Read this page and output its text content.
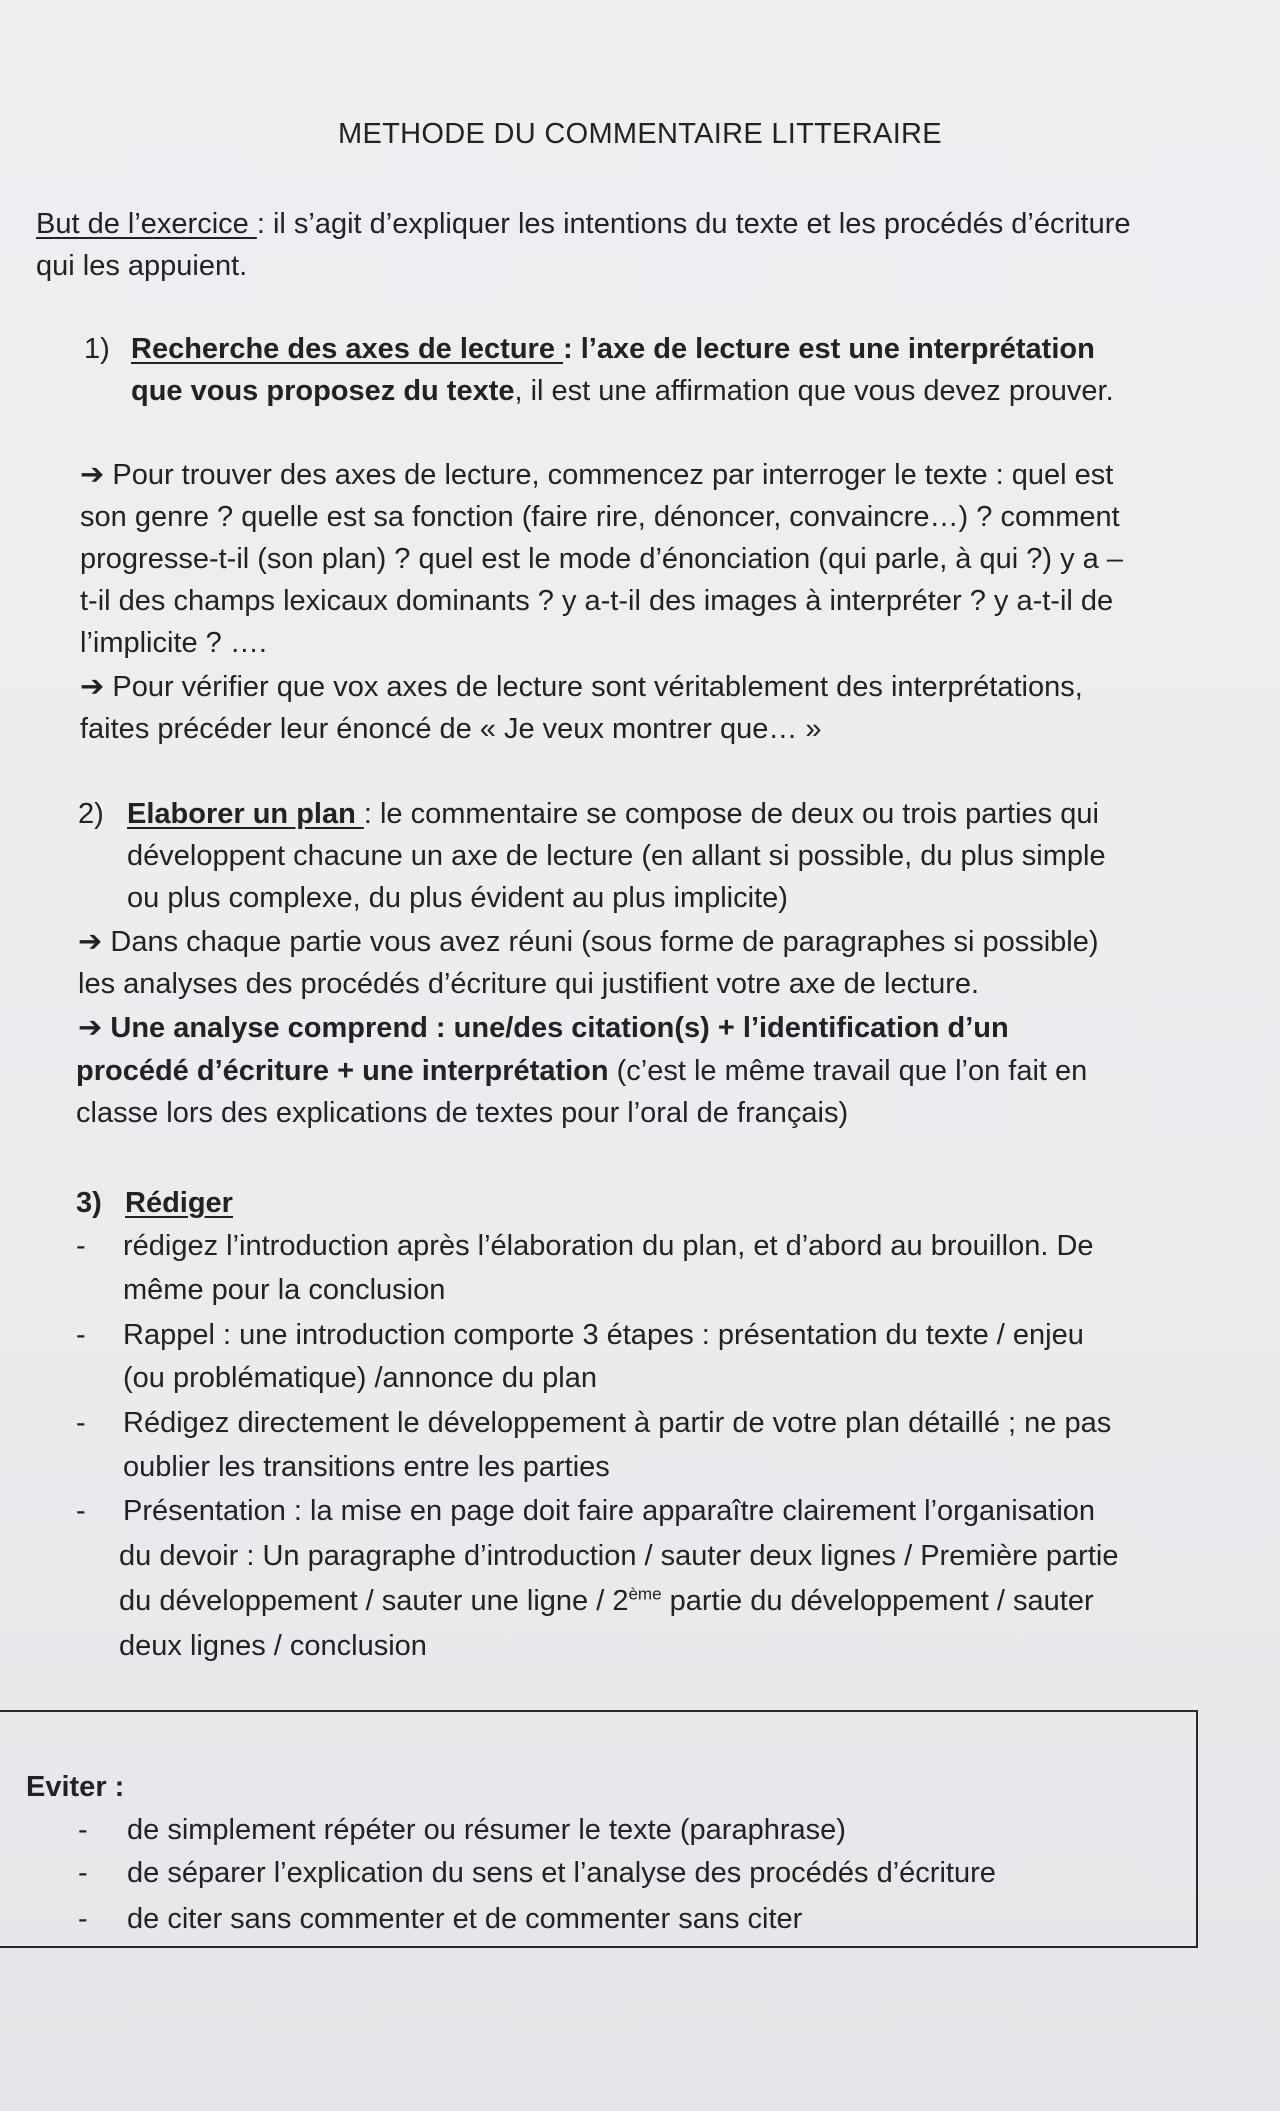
METHODE DU COMMENTAIRE LITTERAIRE
But de l’exercice : il s’agit d’expliquer les intentions du texte et les procédés d’écriture
qui les appuient.
1) Recherche des axes de lecture : l’axe de lecture est une interprétation
que vous proposez du texte, il est une affirmation que vous devez prouver.
➔ Pour trouver des axes de lecture, commencez par interroger le texte : quel est
son genre ? quelle est sa fonction (faire rire, dénoncer, convaincre…) ? comment
progresse-t-il (son plan) ? quel est le mode d’énonciation (qui parle, à qui ?) y a –
t-il des champs lexicaux dominants ? y a-t-il des images à interpréter ? y a-t-il de
l’implicite ? ….
➔ Pour vérifier que vox axes de lecture sont véritablement des interprétations,
faites précéder leur énoncé de « Je veux montrer que… »
2) Elaborer un plan : le commentaire se compose de deux ou trois parties qui
développent chacune un axe de lecture (en allant si possible, du plus simple
ou plus complexe, du plus évident au plus implicite)
➔ Dans chaque partie vous avez réuni (sous forme de paragraphes si possible)
les analyses des procédés d’écriture qui justifient votre axe de lecture.
➔ Une analyse comprend : une/des citation(s) + l’identification d’un
procédé d’écriture + une interprétation (c’est le même travail que l’on fait en
classe lors des explications de textes pour l’oral de français)
3) Rédiger
- rédigez l’introduction après l’élaboration du plan, et d’abord au brouillon. De
même pour la conclusion
- Rappel : une introduction comporte 3 étapes : présentation du texte / enjeu
(ou problématique) /annonce du plan
- Rédigez directement le développement à partir de votre plan détaillé ; ne pas
oublier les transitions entre les parties
- Présentation : la mise en page doit faire apparaître clairement l’organisation
du devoir : Un paragraphe d’introduction / sauter deux lignes / Première partie
du développement / sauter une ligne / 2ème partie du développement / sauter
deux lignes / conclusion
Eviter :
- de simplement répéter ou résumer le texte (paraphrase)
- de séparer l’explication du sens et l’analyse des procédés d’écriture
- de citer sans commenter et de commenter sans citer
